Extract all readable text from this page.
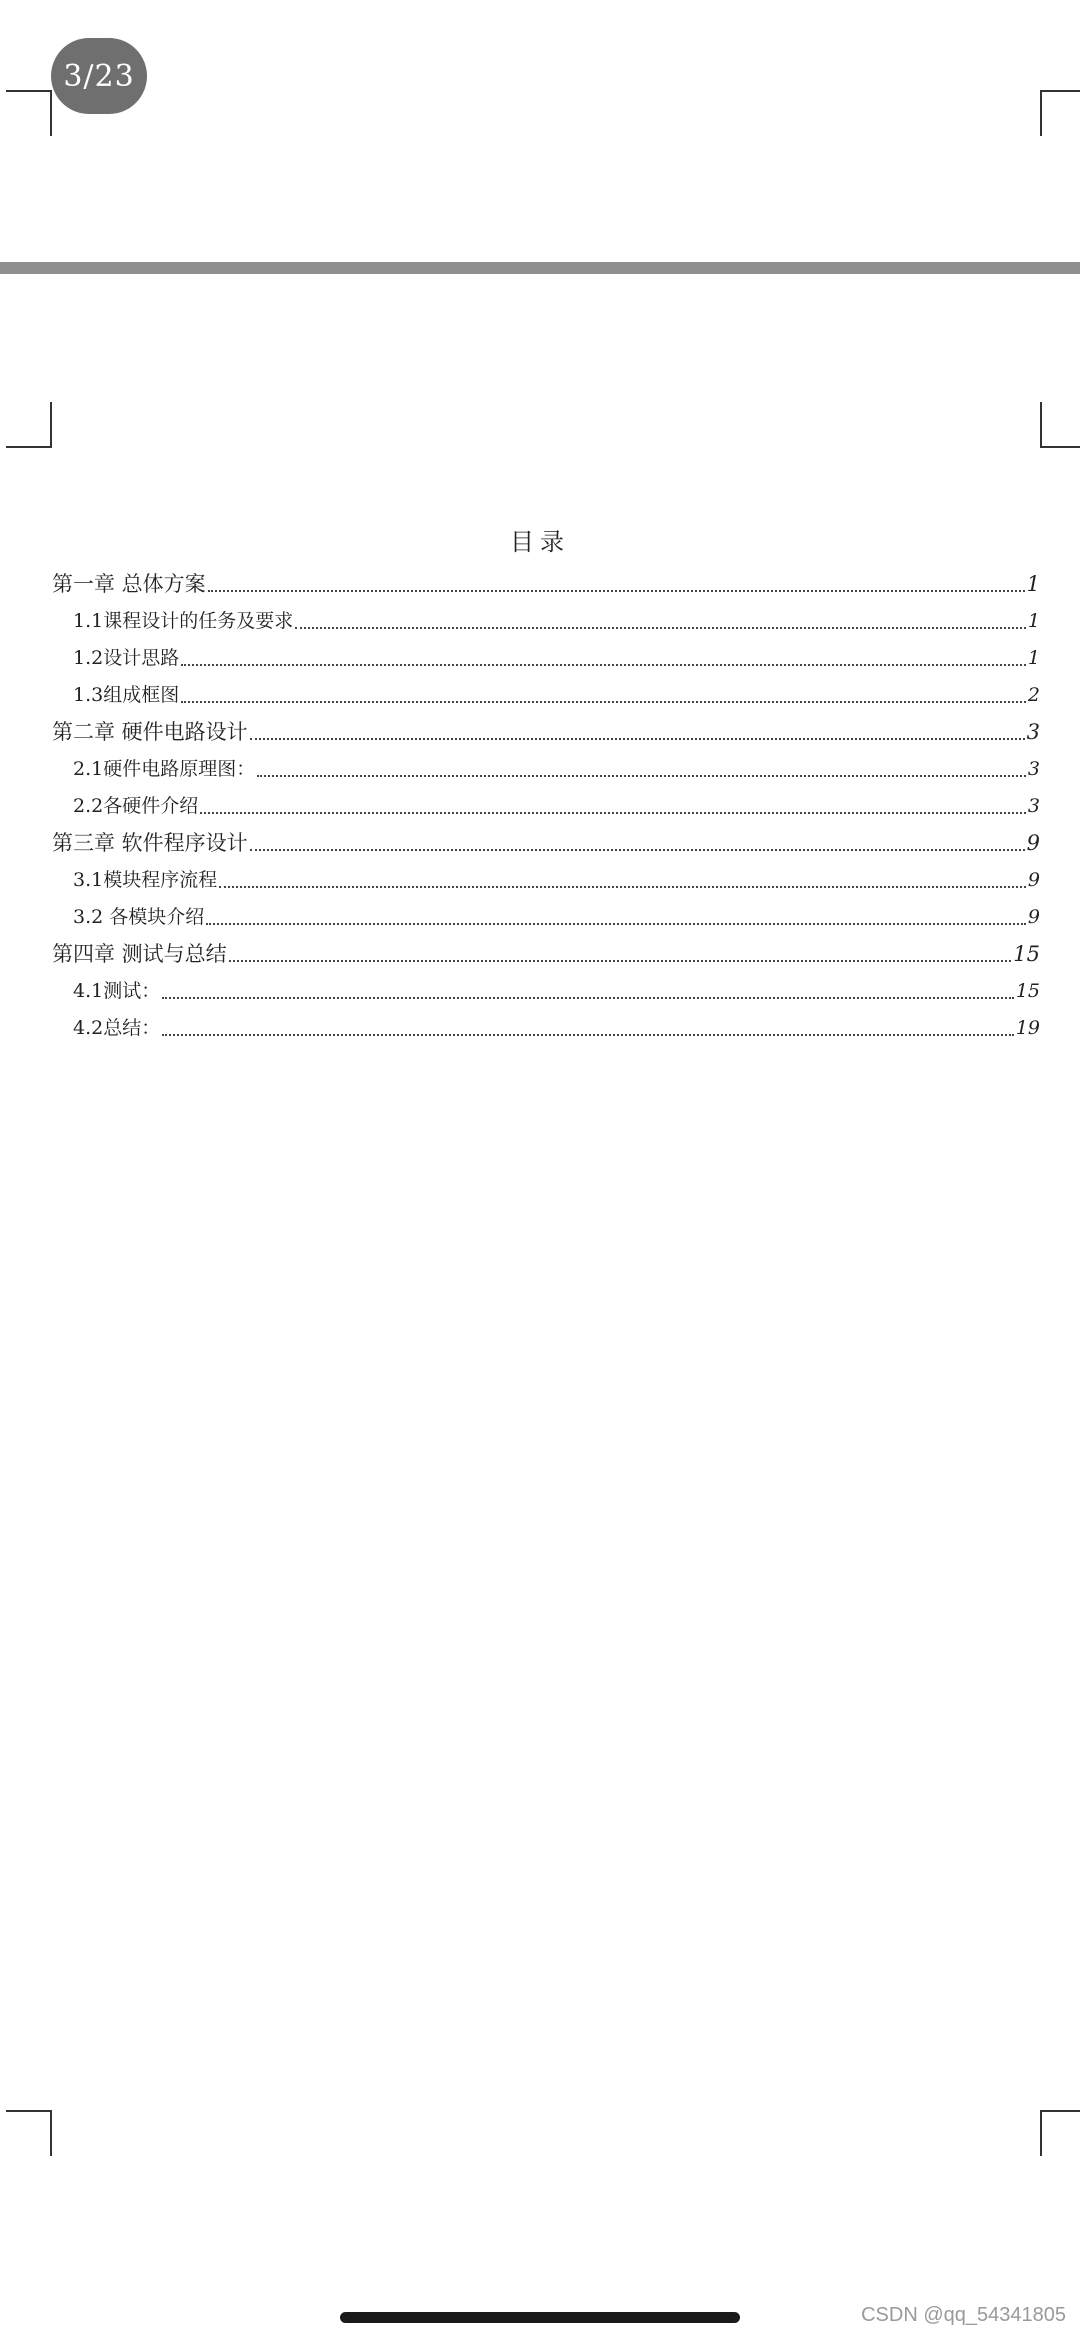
3/23
目录
第一章 总体方案	1
1.1课程设计的任务及要求	1
1.2设计思路	1
1.3组成框图	2
第二章 硬件电路设计	3
2.1硬件电路原理图：	3
2.2各硬件介绍	3
第三章 软件程序设计	9
3.1模块程序流程	9
3.2 各模块介绍	9
第四章 测试与总结	15
4.1测试：	15
4.2总结：	19
CSDN @qq_54341805
